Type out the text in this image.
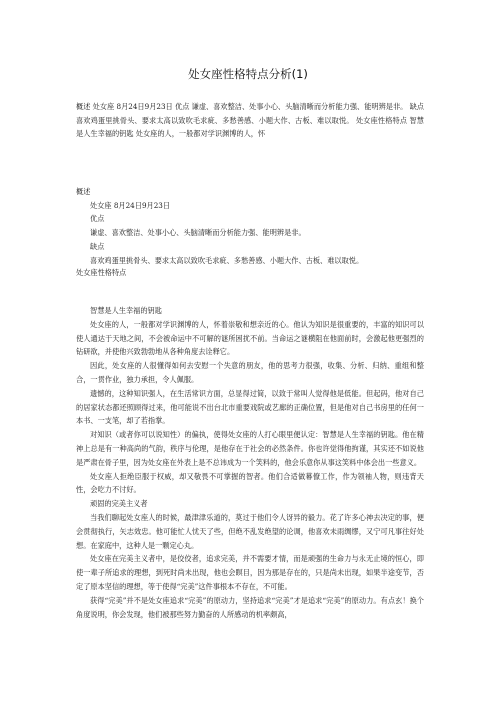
处女座性格特点分析(1)
概述 处女座 8月24日9月23日 优点 谦虚、喜欢整洁、处事小心、头脑清晰而分析能力强、能明辨是非。 缺点 喜欢鸡蛋里挑骨头、要求太高以致吹毛求疵、多愁善感、小题大作、古板、难以取悦。 处女座性格特点 智慧是人生幸福的钥匙 处女座的人，一般都对学识渊博的人，怀
概述
处女座 8月24日9月23日
优点
谦虚、喜欢整洁、处事小心、头脑清晰而分析能力强、能明辨是非。
缺点
喜欢鸡蛋里挑骨头、要求太高以致吹毛求疵、多愁善感、小题大作、古板、难以取悦。
处女座性格特点

智慧是人生幸福的钥匙

处女座的人，一般都对学识渊博的人，怀着崇敬和想亲近的心。他认为知识是很重要的，丰富的知识可以使人通达于天地之间，不会被命运中不可解的谜所困扰不前。当命运之谜横阻在他面前时，会激起他更强烈的钻研欲，并使他兴致勃勃地从各种角度去诠释它。

因此，处女座的人很懂得如何去安慰一个失意的朋友，他的思考力很强，收集、分析、归纳、重组和整合，一贯作业，独力承担，令人佩服。

遗憾的，这种知识强人，在生活常识方面，总显得过简，以致于常叫人觉得他是低能。但起码，他对自己的居家状态都还照顾得过来，他可能说不出台北市重要戏院或艺廊的正确位置，但是他对自己书房里的任何一本书、一支笔，却了若指掌。

对知识（或者你可以说知性）的偏执，使得处女座的人打心眼里便认定：智慧是人生幸福的钥匙。他在精神上总是有一种高尚的气韵，秩序与伦理，是他存在于社会的必然条件。你也许觉得他拘谨，其实还不如说他是严肃在骨子里，因为处女座在外表上是不总讳成为一个笑料的，他会乐意你从事这笑料中体会出一些意义。

处女座人拒绝臣服于权威，却又敬畏不可掌握的智者。他们合适做幕僚工作，作为领袖人物，则违背天性，会吃力不讨好。

顽固的完美主义者

当我们聊起处女座人的时候，最津津乐道的，莫过于他们令人讶异的毅力。花了许多心神去决定的事，便会贯彻执行，矢志效忠。他可能忙人忧天了些，但绝不乱发绝望的论调，他喜欢未雨绸缪，又宁可凡事往好处想。在家庭中，这种人是一颗定心丸。

处女座在完美主义者中，是佼佼者，追求完美，并不需要才情，而是顽强的生命力与永无止境的恒心，即使一辈子所追求的理想，到死时尚未出现，他也会瞑目，因为那是存在的，只是尚未出现，如果半途变节，否定了原本坚信的理想，等于使得“完美”这件事根本不存在，不可能。

获得“完美”并不是处女座追求“完美”的原动力，坚持追求“完美”才是追求“完美”的原动力。有点玄！换个角度说明，你会发现，他们被那些努力勤奋的人所感动的机率颇高，
